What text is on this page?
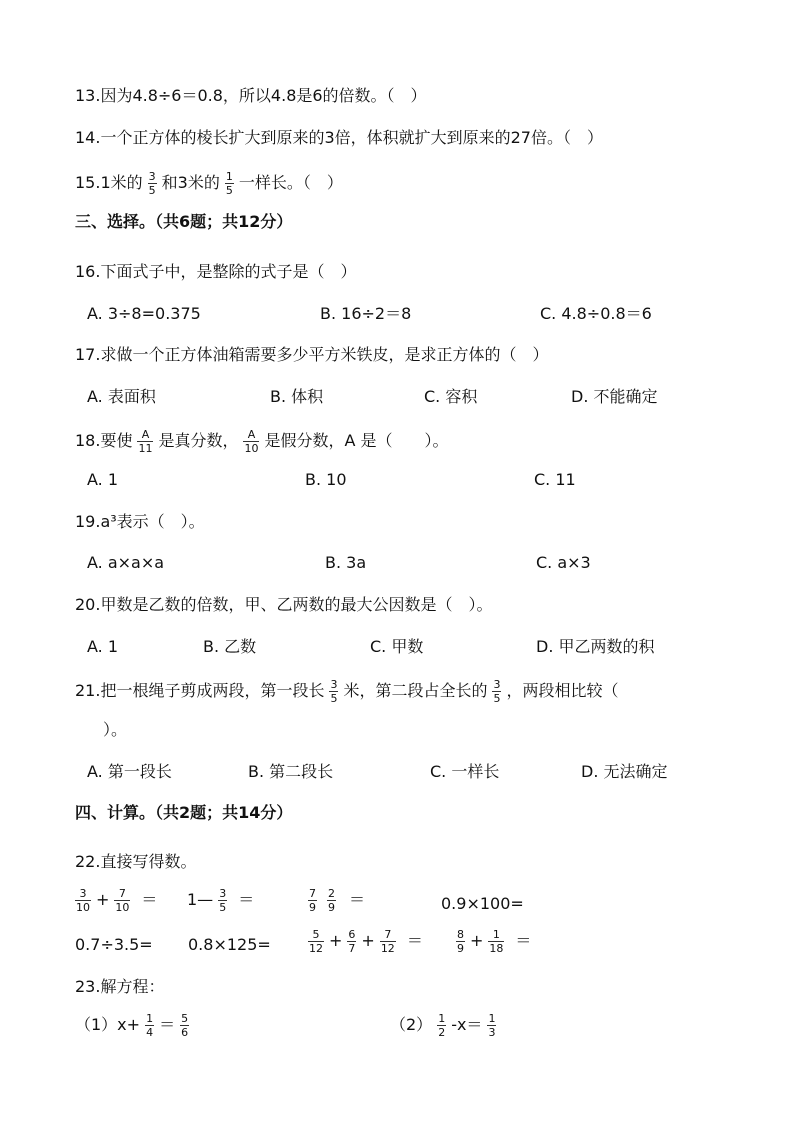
13.因为4.8÷6＝0.8，所以4.8是6的倍数。（　）
14.一个正方体的棱长扩大到原来的3倍，体积就扩大到原来的27倍。（　）
15.1米的 $\frac{3}{5}$ 和3米的 $\frac{1}{5}$ 一样长。（　）
三、选择。（共6题；共12分）
16.下面式子中，是整除的式子是（　）
A. 3÷8=0.375	B. 16÷2＝8	C. 4.8÷0.8＝6
17.求做一个正方体油箱需要多少平方米铁皮，是求正方体的（　）
A. 表面积	B. 体积	C. 容积	D. 不能确定
18.要使 $\frac{A}{11}$ 是真分数， $\frac{A}{10}$ 是假分数，A 是（　　）。
A. 1	B. 10	C. 11
19.a³表示（　）。
A. a×a×a	B. 3a	C. a×3
20.甲数是乙数的倍数，甲、乙两数的最大公因数是（　）。
A. 1	B. 乙数	C. 甲数	D. 甲乙两数的积
21.把一根绳子剪成两段，第一段长 $\frac{3}{5}$ 米，第二段占全长的 $\frac{3}{5}$ ，两段相比较（
）。
A. 第一段长	B. 第二段长	C. 一样长	D. 无法确定
四、计算。（共2题；共14分）
22.直接写得数。
$\frac{3}{10} + \frac{7}{10}$ ＝ 1— $\frac{3}{5}$ ＝	$\frac{7}{9} \frac{2}{9}$ ＝	0.9×100=
0.7÷3.5= 0.8×125=	$\frac{5}{12} + \frac{6}{7} + \frac{7}{12}$ ＝	$\frac{8}{9} + \frac{1}{18}$ ＝
23.解方程：
$(1)x+ \frac{1}{4} = \frac{5}{6}$	$(2) \frac{1}{2} -x= \frac{1}{3}$
